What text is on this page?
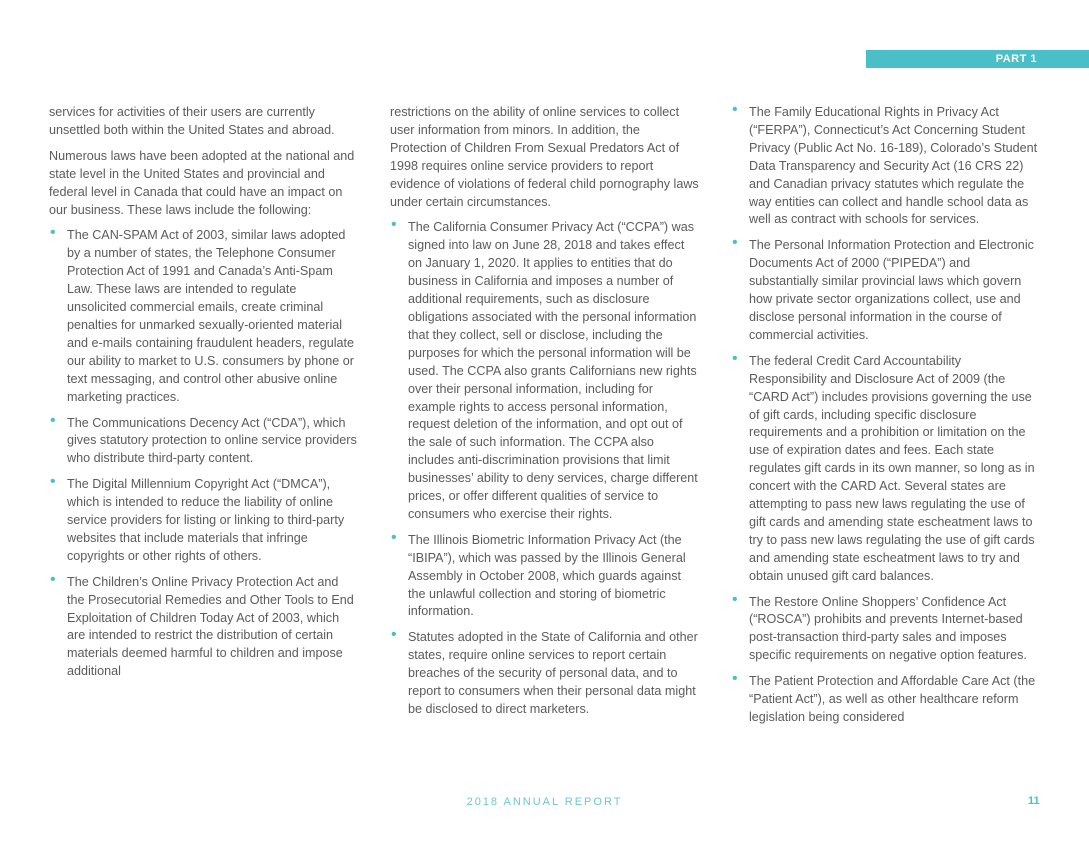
PART 1

services for activities of their users are currently unsettled both within the United States and abroad.

Numerous laws have been adopted at the national and state level in the United States and provincial and federal level in Canada that could have an impact on our business. These laws include the following:

• The CAN-SPAM Act of 2003, similar laws adopted by a number of states, the Telephone Consumer Protection Act of 1991 and Canada’s Anti-Spam Law. These laws are intended to regulate unsolicited commercial emails, create criminal penalties for unmarked sexually-oriented material and e-mails containing fraudulent headers, regulate our ability to market to U.S. consumers by phone or text messaging, and control other abusive online marketing practices.
• The Communications Decency Act (“CDA”), which gives statutory protection to online service providers who distribute third-party content.
• The Digital Millennium Copyright Act (“DMCA”), which is intended to reduce the liability of online service providers for listing or linking to third-party websites that include materials that infringe copyrights or other rights of others.
• The Children’s Online Privacy Protection Act and the Prosecutorial Remedies and Other Tools to End Exploitation of Children Today Act of 2003, which are intended to restrict the distribution of certain materials deemed harmful to children and impose additional

restrictions on the ability of online services to collect user information from minors. In addition, the Protection of Children From Sexual Predators Act of 1998 requires online service providers to report evidence of violations of federal child pornography laws under certain circumstances.

• The California Consumer Privacy Act (“CCPA”) was signed into law on June 28, 2018 and takes effect on January 1, 2020. It applies to entities that do business in California and imposes a number of additional requirements, such as disclosure obligations associated with the personal information that they collect, sell or disclose, including the purposes for which the personal information will be used. The CCPA also grants Californians new rights over their personal information, including for example rights to access personal information, request deletion of the information, and opt out of the sale of such information. The CCPA also includes anti-discrimination provisions that limit businesses’ ability to deny services, charge different prices, or offer different qualities of service to consumers who exercise their rights.
• The Illinois Biometric Information Privacy Act (the “IBIPA”), which was passed by the Illinois General Assembly in October 2008, which guards against the unlawful collection and storing of biometric information.
• Statutes adopted in the State of California and other states, require online services to report certain breaches of the security of personal data, and to report to consumers when their personal data might be disclosed to direct marketers.
• The Family Educational Rights in Privacy Act (“FERPA”), Connecticut’s Act Concerning Student Privacy (Public Act No. 16-189), Colorado’s Student Data Transparency and Security Act (16 CRS 22) and Canadian privacy statutes which regulate the way entities can collect and handle school data as well as contract with schools for services.
• The Personal Information Protection and Electronic Documents Act of 2000 (“PIPEDA”) and substantially similar provincial laws which govern how private sector organizations collect, use and disclose personal information in the course of commercial activities.
• The federal Credit Card Accountability Responsibility and Disclosure Act of 2009 (the “CARD Act”) includes provisions governing the use of gift cards, including specific disclosure requirements and a prohibition or limitation on the use of expiration dates and fees. Each state regulates gift cards in its own manner, so long as in concert with the CARD Act. Several states are attempting to pass new laws regulating the use of gift cards and amending state escheatment laws to try to pass new laws regulating the use of gift cards and amending state escheatment laws to try and obtain unused gift card balances.
• The Restore Online Shoppers’ Confidence Act (“ROSCA”) prohibits and prevents Internet-based post-transaction third-party sales and imposes specific requirements on negative option features.
• The Patient Protection and Affordable Care Act (the “Patient Act”), as well as other healthcare reform legislation being considered
2018 ANNUAL REPORT	11
